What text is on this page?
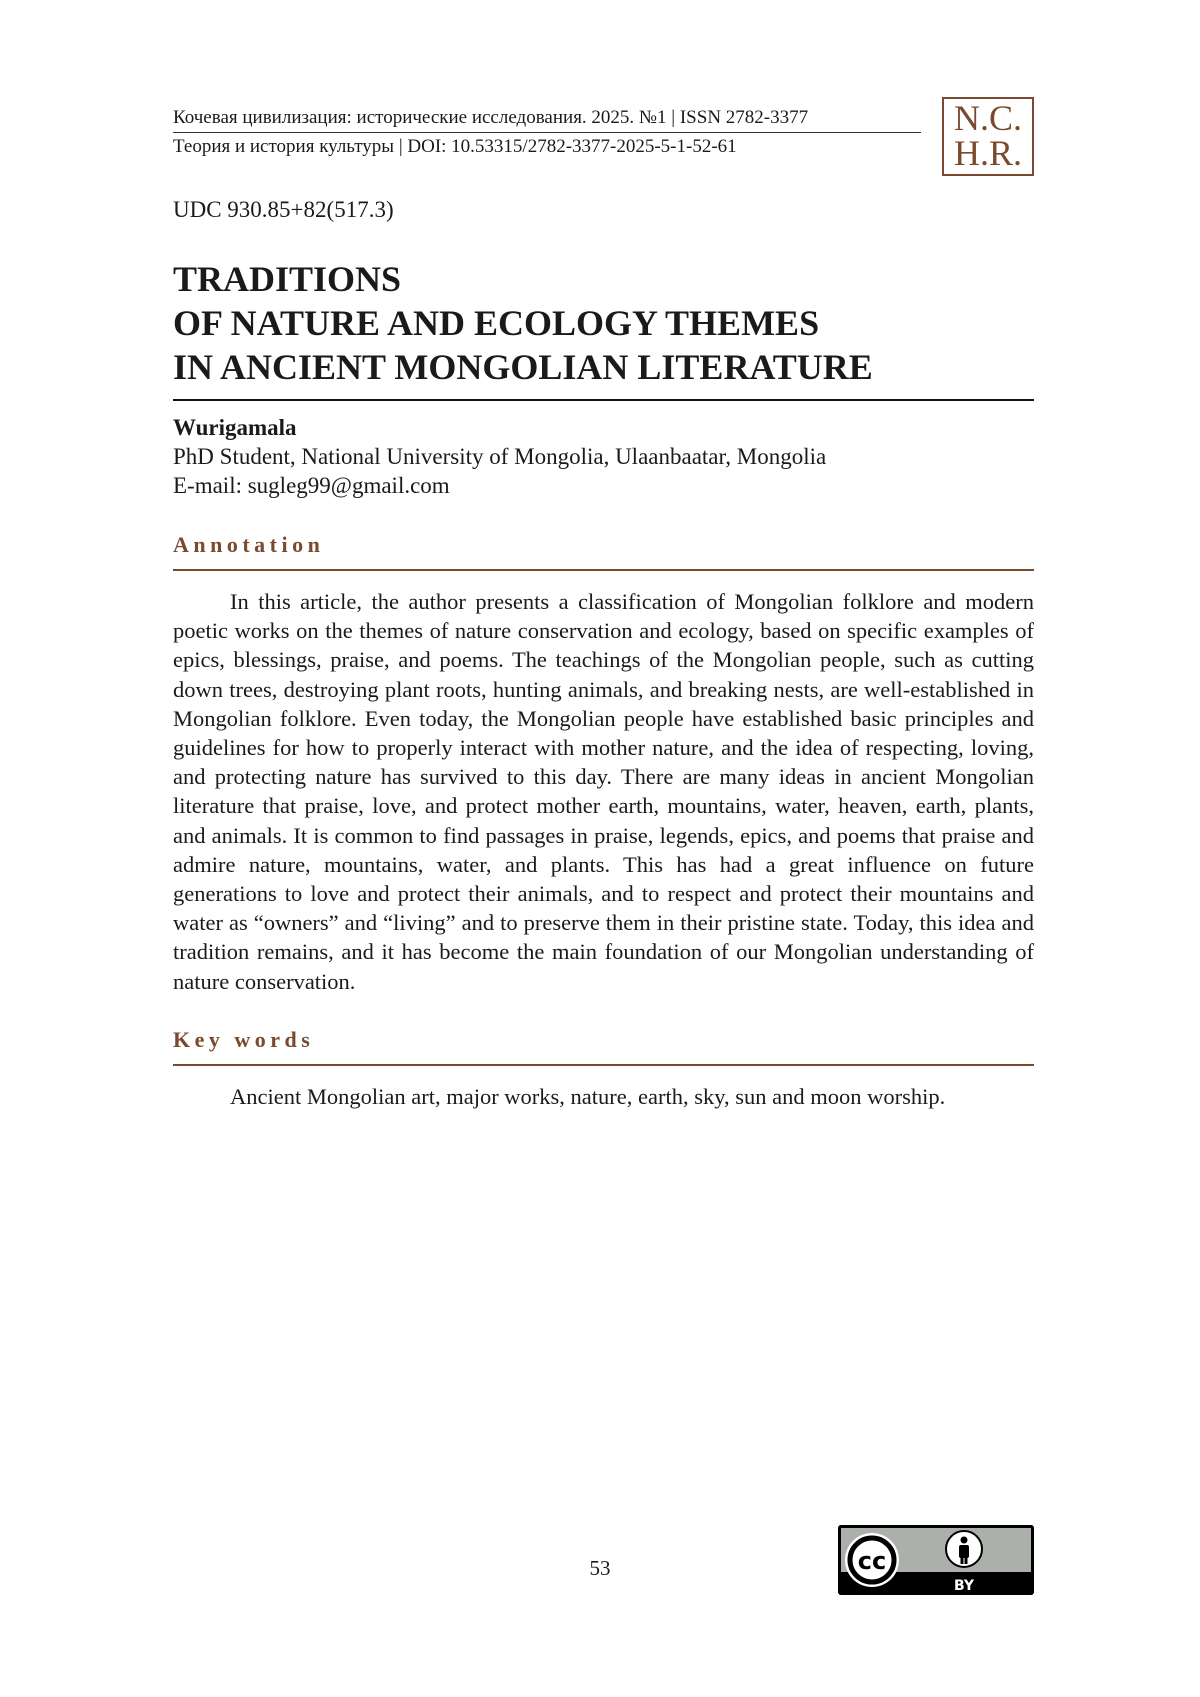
Кочевая цивилизация: исторические исследования. 2025. №1 | ISSN 2782-3377
Теория и история культуры | DOI: 10.53315/2782-3377-2025-5-1-52-61
N.C.
H.R.
UDC 930.85+82(517.3)
TRADITIONS
OF NATURE AND ECOLOGY THEMES
IN ANCIENT MONGOLIAN LITERATURE
Wurigamala
PhD Student, National University of Mongolia, Ulaanbaatar, Mongolia
E-mail: sugleg99@gmail.com
Annotation

In this article, the author presents a classification of Mongolian folklore and modern poetic works on the themes of nature conservation and ecology, based on specific examples of epics, blessings, praise, and poems. The teachings of the Mongolian people, such as cutting down trees, destroying plant roots, hunting animals, and breaking nests, are well-established in Mongolian folklore. Even today, the Mongolian people have established basic principles and guidelines for how to properly interact with mother nature, and the idea of respecting, loving, and protecting nature has survived to this day. There are many ideas in ancient Mongolian literature that praise, love, and protect mother earth, mountains, water, heaven, earth, plants, and animals. It is common to find passages in praise, legends, epics, and poems that praise and admire nature, mountains, water, and plants. This has had a great influence on future generations to love and protect their animals, and to respect and protect their mountains and water as “owners” and “living” and to preserve them in their pristine state. Today, this idea and tradition remains, and it has become the main foundation of our Mongolian understanding of nature conservation.

Key words

Ancient Mongolian art, major works, nature, earth, sky, sun and moon worship.

53	cc
BY
